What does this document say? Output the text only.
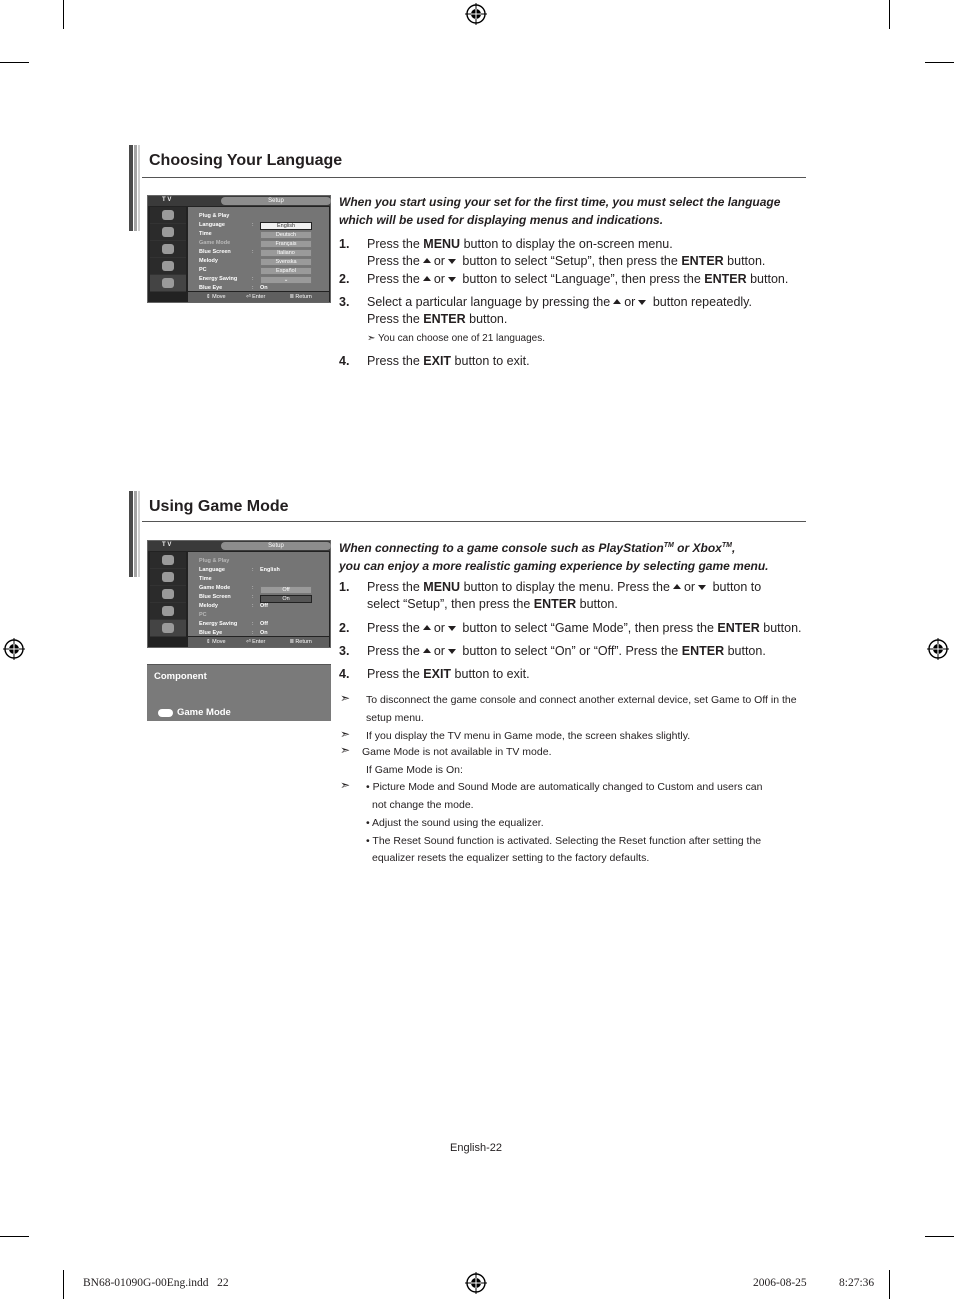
Choosing Your Language
T V	Setup
Plug & Play
Language
Time
Game Mode
Blue Screen
Melody
PC
Energy Saving
Blue Eye
:
:
:
: On
English
Deutsch
Français
Italiano
Svenska
Español
⌄
⇕ Move	⏎ Enter	Ⅲ Return
When you start using your set for the first time, you must select the language which will be used for displaying menus and indications.
1. Press the MENU button to display the on-screen menu.
Press the or button to select “Setup”, then press the ENTER button.
2. Press the or button to select “Language”, then press the ENTER button.
3. Select a particular language by pressing the or button repeatedly.
Press the ENTER button.
➣ You can choose one of 21 languages.
4. Press the EXIT button to exit.
Using Game Mode
T V	Setup
Plug & Play
Language
Time
Game Mode
Blue Screen
Melody
PC
Energy Saving
Blue Eye
:
:
:
:
:
:
English
Off
Off
On
Off
On
⇕ Move	⏎ Enter	Ⅲ Return
Component
Game Mode
When connecting to a game console such as PlayStation™ or Xbox™,
you can enjoy a more realistic gaming experience by selecting game menu.
1. Press the MENU button to display the menu. Press the or button to
select “Setup”, then press the ENTER button.
2. Press the or button to select “Game Mode”, then press the ENTER button.
3. Press the or button to select “On” or “Off”. Press the ENTER button.
4. Press the EXIT button to exit.
➣ To disconnect the game console and connect another external device, set Game to Off in the
setup menu.
➣ If you display the TV menu in Game mode, the screen shakes slightly.
➣ Game Mode is not available in TV mode.
If Game Mode is On:
➣ • Picture Mode and Sound Mode are automatically changed to Custom and users can
not change the mode.
• Adjust the sound using the equalizer.
• The Reset Sound function is activated. Selecting the Reset function after setting the
equalizer resets the equalizer setting to the factory defaults.
English-22
BN68-01090G-00Eng.indd   22	2006-08-25	8:27:36
